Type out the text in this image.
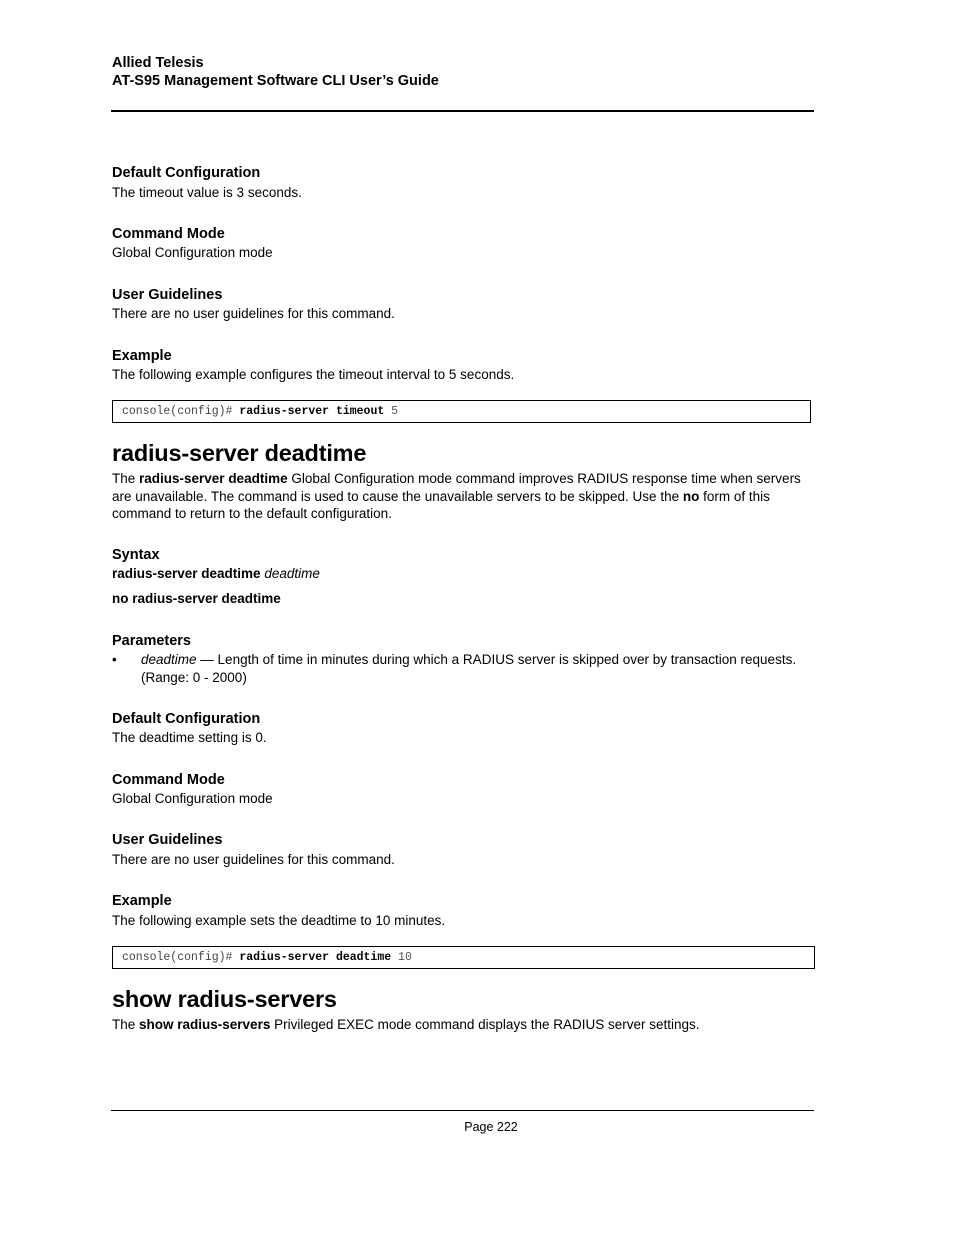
Allied Telesis
AT-S95 Management Software CLI User’s Guide
Default Configuration
The timeout value is 3 seconds.
Command Mode
Global Configuration mode
User Guidelines
There are no user guidelines for this command.
Example
The following example configures the timeout interval to 5 seconds.
console(config)# radius-server timeout 5
radius-server deadtime
The radius-server deadtime Global Configuration mode command improves RADIUS response time when servers are unavailable. The command is used to cause the unavailable servers to be skipped. Use the no form of this command to return to the default configuration.
Syntax
radius-server deadtime deadtime
no radius-server deadtime
Parameters
• deadtime — Length of time in minutes during which a RADIUS server is skipped over by transaction requests. (Range: 0 - 2000)
Default Configuration
The deadtime setting is 0.
Command Mode
Global Configuration mode
User Guidelines
There are no user guidelines for this command.
Example
The following example sets the deadtime to 10 minutes.
console(config)# radius-server deadtime 10
show radius-servers
The show radius-servers Privileged EXEC mode command displays the RADIUS server settings.
Page 222
